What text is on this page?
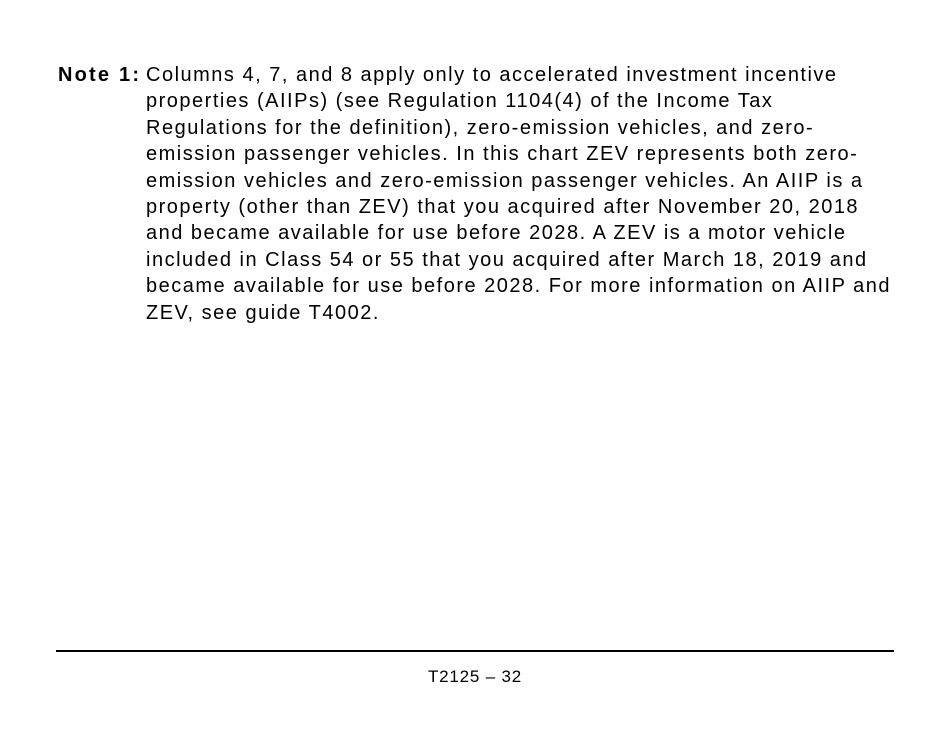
Note 1: Columns 4, 7, and 8 apply only to accelerated investment incentive properties (AIIPs) (see Regulation 1104(4) of the Income Tax Regulations for the definition), zero-emission vehicles, and zero-emission passenger vehicles. In this chart ZEV represents both zero-emission vehicles and zero-emission passenger vehicles. An AIIP is a property (other than ZEV) that you acquired after November 20, 2018 and became available for use before 2028. A ZEV is a motor vehicle included in Class 54 or 55 that you acquired after March 18, 2019 and became available for use before 2028. For more information on AIIP and ZEV, see guide T4002.
T2125 – 32
